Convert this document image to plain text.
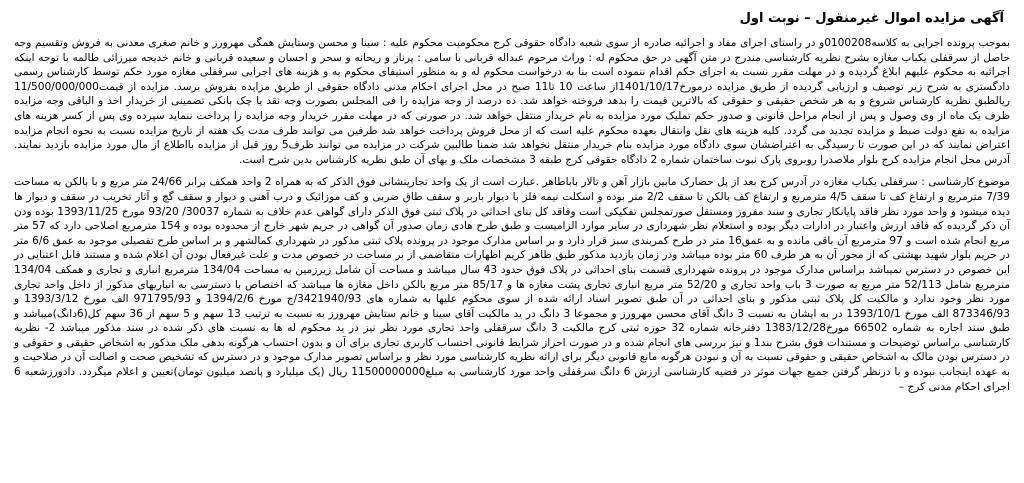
آگهی مزایده اموال غیرمنقول – نوبت اول

بموجب پرونده اجرایی به کلاسه0100208و در راستای اجرای مفاد و اجرائیه صادره از سوی شعبه دادگاه حقوقی کرج محکومیت محکوم علیه : سینا و محسن وستایش همگی مهرورز و خانم صغری معدنی به فروش وتقسیم وجه حاصل از سرقفلی یکباب مغازه بشرح نظریه کارشناسی مندرج در متن آگهی در حق محکوم له : وراث مرحوم عبداله قربانی با سامی : پرناز و ریحانه و سحر و احسان و سعیده قربانی و خانم خدیجه میرزائی طالمه با توجه اینکه اجرائیه به محکوم علیهم ابلاغ گردیده و در مهلت مقرر نسبت به اجرای حکم اقدام ننموده است بنا به درخواست محکوم له و به منظور استیفای محکوم به و هزینه های اجرایی سرقفلی مغازه مورد حکم توسط کارشناس رسمی دادگستری به شرح زیر توصیف و ارزیابی گردیده از طریق مزایده درمورخ1401/10/17از ساعت 10 تا11 صبح در محل اجرای احکام مدنی دادگاه حقوقی از طریق مزایده بفروش برسد. مزایده از قیمت11/500/000/000 ریالطبق نظریه کارشناس شروع و به هر شخص حقیقی و حقوقی که بالاترین قیمت را بدهد فروخته خواهد شد. ده درصد از وجه مزایده را فی المجلس بصورت وجه نقد یا چک بانکی تضمینی از خریدار اخذ و الباقی وجه مزایده ظرف یک ماه از وی وصول و پس از انجام مراحل قانونی و صدور حکم تملیک مورد مزایده به نام خریدار منتقل خواهد شد. در صورتی که در مهلت مقرر خریدار وجه مزایده را پرداخت ننماید سپرده وی پس از کسر هزینه های مزایده به نفع دولت ضبط و مزایده تجدید می گردد. کلیه هزینه های نقل وانتقال بعهده محکوم علیه است که از محل فروش پرداخت خواهد شد طرفین می توانند ظرف مدت یک هفته از تاریخ مزایده نسبت به نحوه انجام مزایده اعتراض نمایند که در این صورت تا رسیدگی به اعتراضشان سوی دادگاه مورد مزایده بنام خریدار منتقل نخواهد شد ضمنا طالبین شرکت در مزایده می توانند ظرف5 روز قبل از مزایده بااطلاع از مال مورد مزایده بازدید نمایند. آدرس محل انجام مزایده کرج بلوار ملاصدرا روبروی پارک نبوت ساختمان شماره 2 دادگاه حقوقی کرج طبقه 3 مشخصات ملک و بهای آن طبق نظریه کارشناس بدین شرح است.

موضوع کارشناسی : سرقفلی یکباب مغازه در آدرس کرج بعد از پل حصارک مابین بازار آهن و تالار باباطاهر .عبارت است از یک واحد تجارینشانی فوق الذکر که به همراه 2 واحد همکف برابر 24/66 متر مربع و با بالکن به مساحت 7/39 مترمربع و ارتفاع کف تا سقف 4/5 مترمربع و ارتفاع کف بالکن تا سقف 2/2 متر بوده و اسکلت نیمه فلز با دیوار باربر و سقف طاق ضربی و کف موزائیک و درب آهنی و دیوار و سقف گچ و آثار تخریب در سقف و دیوار ها دیده میشود و واحد مورد نظر فاقد پایانکار تجاری و سند مفروز ومستقل صورتمجلس تفکیکی است وفاقد کل بنای احداثی در پلاک ثبتی فوق الذکر دارای گواهی عدم خلاف به شماره 30037/ 93/20 مورخ 1393/11/25 بوده ودن آن ذکر گردیده که فاقد ارزش واعتبار در ادارات دیگر بوده و استعلام نظر شهرداری در سایر موارد الزامیست و طبق طرح هادی زمان صدور آن گواهی در حریم شهر خارج از محدوده بوده و 154 مترمربع اصلاحی دارد که 57 متر مربع انجام شده است و 97 مترمربع آن باقی مانده و به عمق16 متر در طرح کمربندی سبز قرار دارد و بر اساس مدارک موجود در پرونده پلاک ثبتی مذکور در شهرداری کمالشهر و بر اساس طرح تفصیلی موجود به عمق 6/6 متر در حریم بلوار شهید بهشتی که از محور آن به هر طرف 60 متر بوده میباشد ودر زمان بازدید مذکور طبق ظاهر کریم اظهارات متقاضمی از بر مساحت در خصوص مدت و علت غیرفعال بودن آن اعلام شده و مستند قابل اعتنایی در این خصوص در دسترس نمیباشد براساس مدارک موجود در پرونده شهرداری قسمت بنای احداثی در پلاک فوق حدود 43 سال میباشد و مساحت آن شامل زیرزمین به مساحت 134/04 مترمربع انباری و تجاری و همکف 134/04 مترمربع شامل 52/113 متر مربع به صورت 3 باب واحد تجاری و 52/20 متر مربع انباری تجاری پشت مغازه ها و 85/17 متر مربع بالکن داخل مغازه ها میباشد که اختصاص با دسترسی به انباریهای مذکور از داخل واحد تجاری مورد نظر وجود ندارد و مالکیت کل پلاک ثبتی مذکور و بنای احداثی در آن طبق تصویر اسناد ارائه شده از سوی محکوم علیها به شماره های 3421940/93/ج مورخ 1394/2/6 و 971795/93 الف مورخ 1393/3/12 و 873346/93 الف مورخ 1393/10/1 در به ایشان به نسبت 3 دانگ آقای محسن مهرورز و مجموعا 3 دانگ در ید مالکیت آقای سینا و خانم ستایش مهرورز به نسبت به ترتیب 13 سهم و 5 سهم از 36 سهم کل(6دانگ)میباشد و طبق سند اجاره به شماره 66502 مورخ1383/12/28 دفترخانه شماره 32 حوزه ثبتی کرج مالکیت 3 دانگ سرقفلی واحد تجاری مورد نظر نیز در ید محکوم له ها به نسبت های ذکر شده در سند مذکور میباشد 2- نظریه کارشناسی براساس توضیحات و مستندات فوق بشرح بند1 و نیز بررسی های انجام شده و در صورت احراز شرایط قانونی احتساب کاربری تجاری برای آن و بدون احتساب هرگونه بدهی ملک مذکور به اشخاص حقیقی و حقوقی و در دسترس بودن مالک به اشخاص حقیقی و حقوقی نسبت به آن و نبودن هرگونه مانع قانونی دیگر برای ارائه نظریه کارشناسی مورد نظر و براساس تصویر مدارک موجود و در دسترس که تشخیص صحت و اصالت آن در صلاحیت و به عهده اینجانب نبوده و با درنظر گرفتن جمیع جهات موثر در قضیه کارشناسی ارزش 6 دانگ سرقفلی واحد مورد کارشناسی به مبلغ11500000000 ریال (یک میلیارد و پانصد میلیون تومان)تعیین و اعلام میگردد. دادورزشعبه 6 اجرای احکام مدنی کرج –
